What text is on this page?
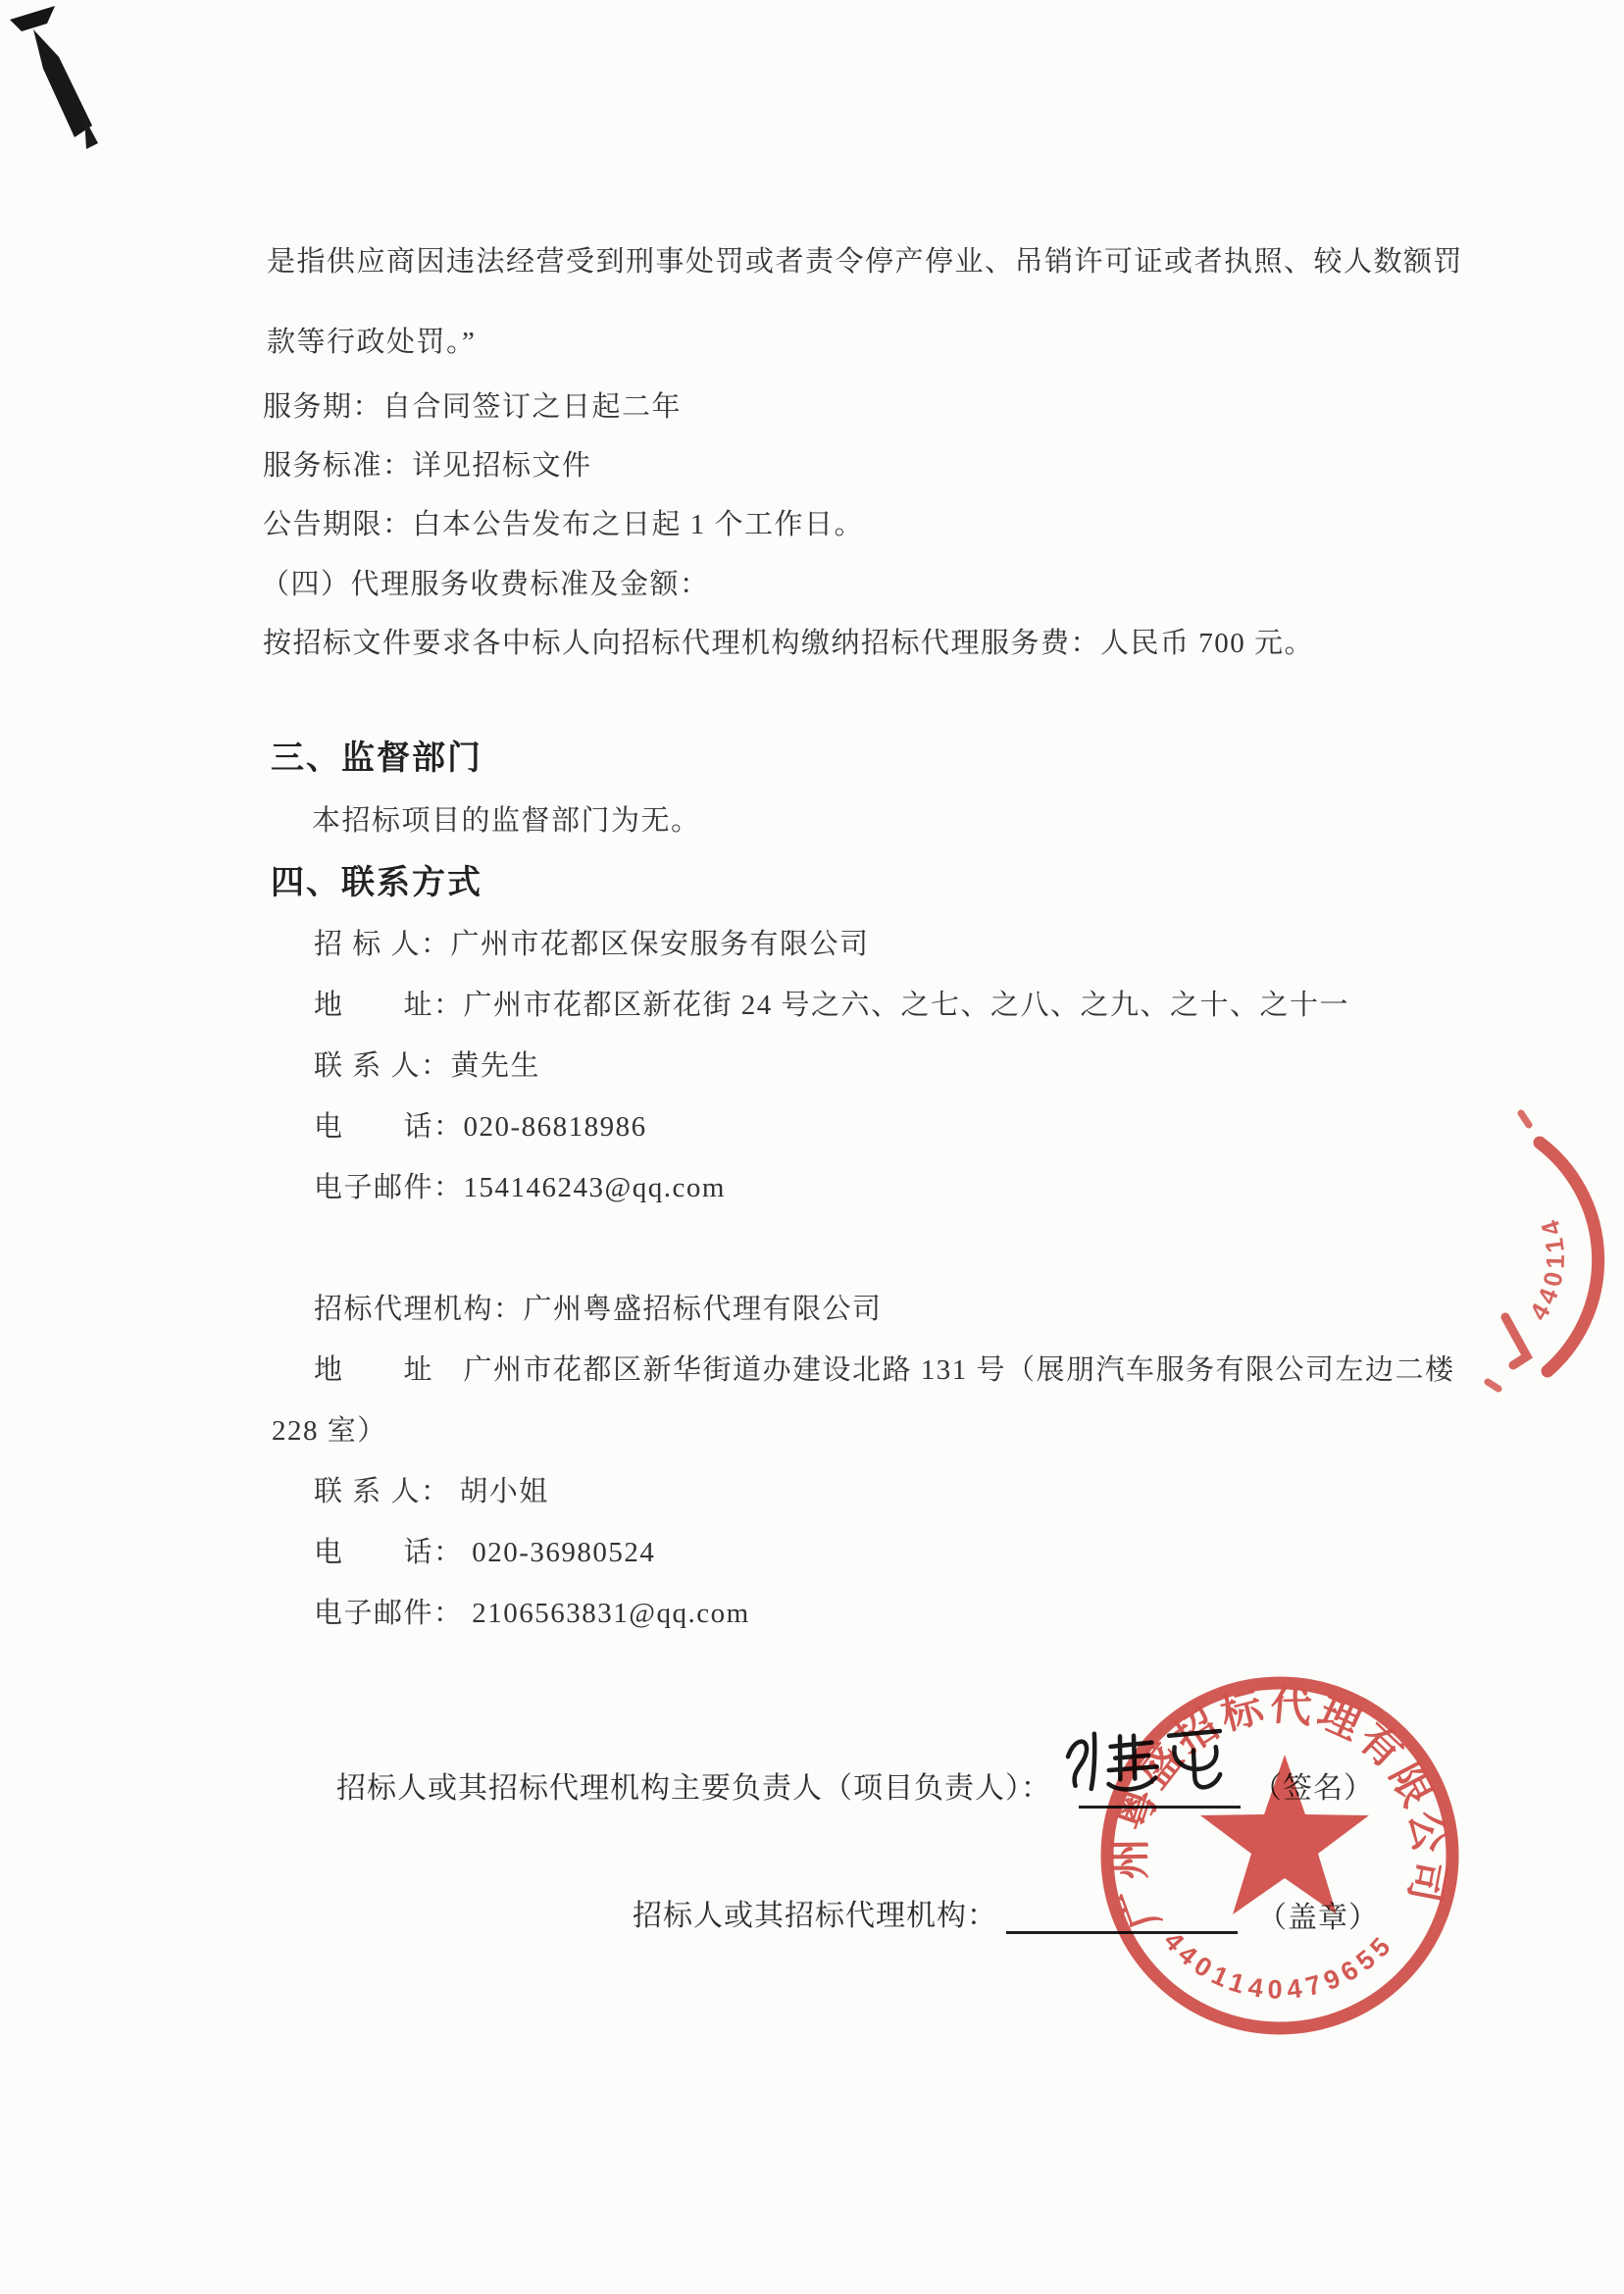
是指供应商因违法经营受到刑事处罚或者责令停产停业、吊销许可证或者执照、较人数额罚
款等行政处罚。”
服务期：自合同签订之日起二年
服务标准：详见招标文件
公告期限：白本公告发布之日起 1 个工作日。
（四）代理服务收费标准及金额：
按招标文件要求各中标人向招标代理机构缴纳招标代理服务费：人民币 700 元。
三、监督部门
本招标项目的监督部门为无。
四、联系方式
招 标 人：广州市花都区保安服务有限公司
地　　址：广州市花都区新花街 24 号之六、之七、之八、之九、之十、之十一
联 系 人：黄先生
电　　话：020-86818986
电子邮件：154146243@qq.com
招标代理机构：广州粤盛招标代理有限公司
地　　址　广州市花都区新华街道办建设北路 131 号（展朋汽车服务有限公司左边二楼
228 室）
联 系 人： 胡小姐
电　　话： 020-36980524
电子邮件： 2106563831@qq.com
招标人或其招标代理机构主要负责人（项目负责人）：	（签名）
招标人或其招标代理机构：	（盖章）
广州粤盛招标代理有限公司
4401140479655
440114
